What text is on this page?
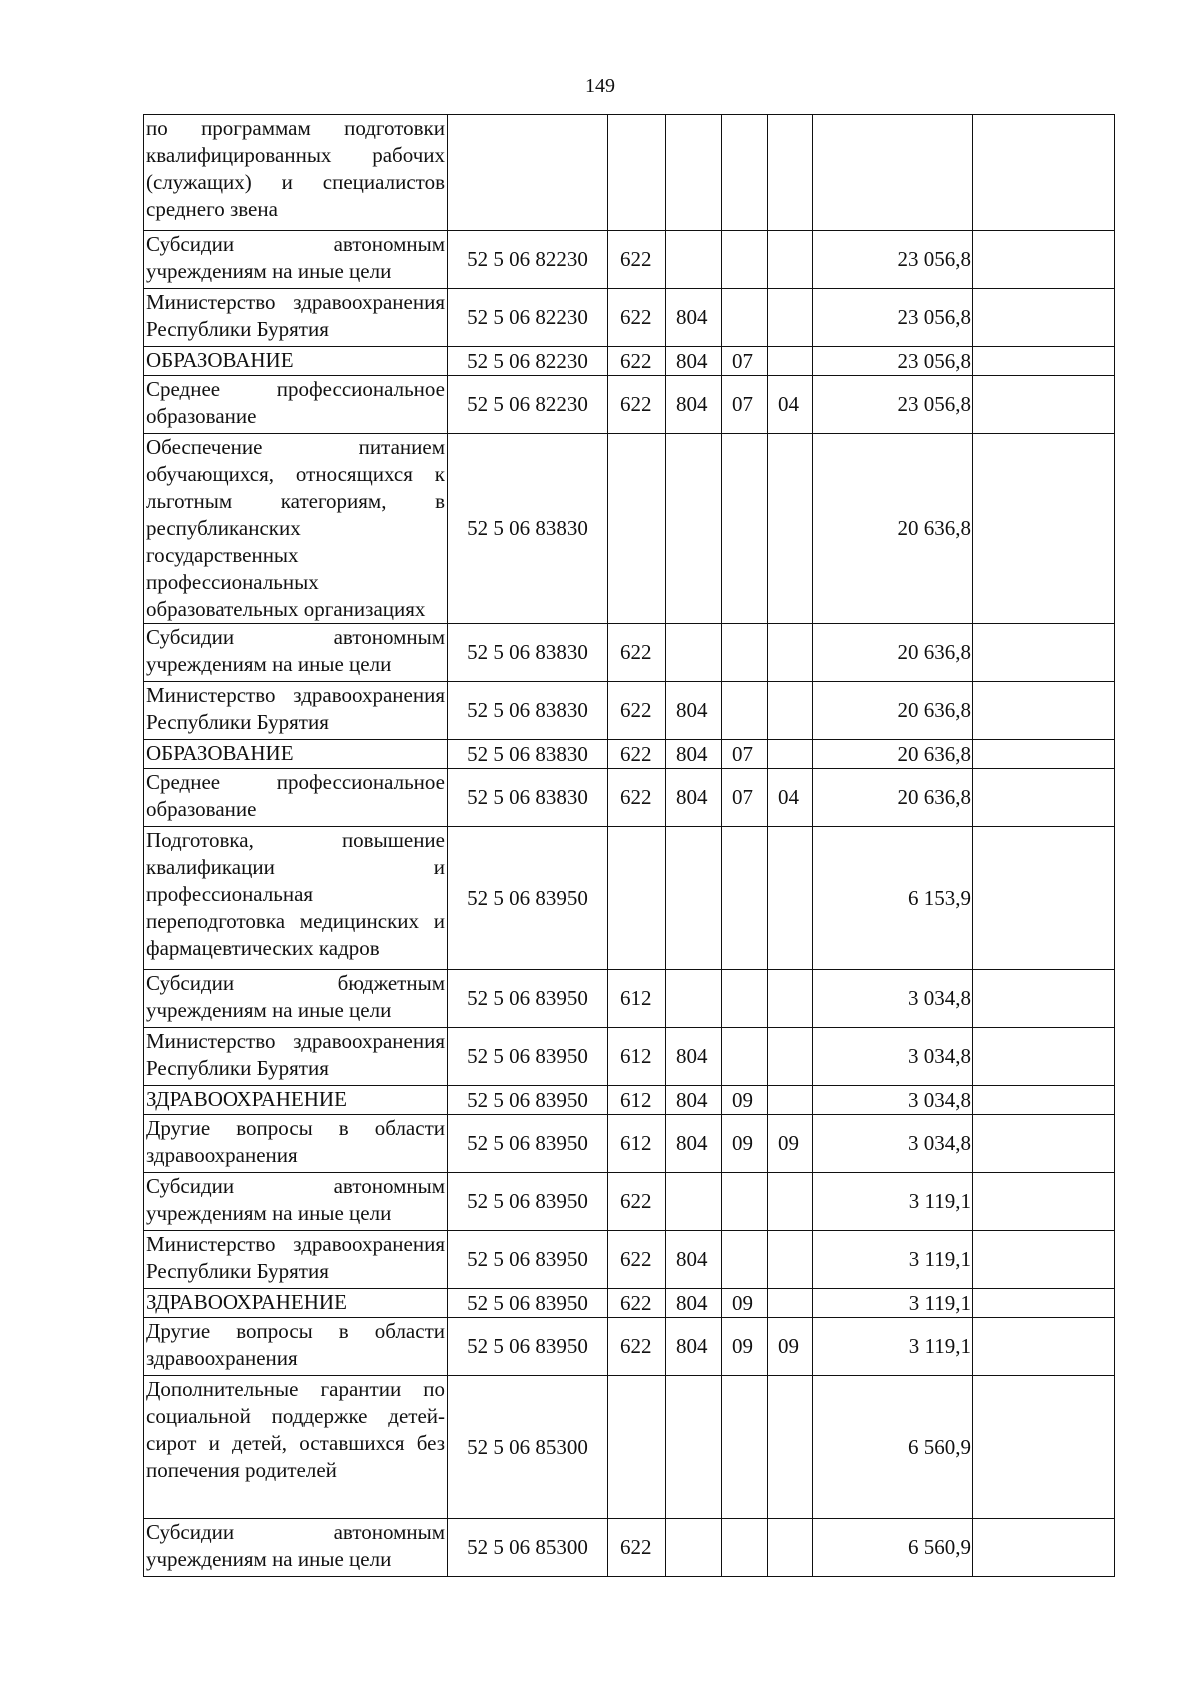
149
по программам подготовки квалифицированных рабочих (служащих) и специалистов среднего звена							
Субсидии автономным учреждениям на иные цели	52 5 06 82230	622				23 056,8	
Министерство здравоохранения Республики Бурятия	52 5 06 82230	622	804			23 056,8	
ОБРАЗОВАНИЕ	52 5 06 82230	622	804	07		23 056,8	
Среднее профессиональное образование	52 5 06 82230	622	804	07	04	23 056,8	
Обеспечение питанием обучающихся, относящихся к льготным категориям, в республиканских государственных профессиональных образовательных организациях	52 5 06 83830					20 636,8	
Субсидии автономным учреждениям на иные цели	52 5 06 83830	622				20 636,8	
Министерство здравоохранения Республики Бурятия	52 5 06 83830	622	804			20 636,8	
ОБРАЗОВАНИЕ	52 5 06 83830	622	804	07		20 636,8	
Среднее профессиональное образование	52 5 06 83830	622	804	07	04	20 636,8	
Подготовка, повышение квалификации и профессиональная переподготовка медицинских и фармацевтических кадров	52 5 06 83950					6 153,9	
Субсидии бюджетным учреждениям на иные цели	52 5 06 83950	612				3 034,8	
Министерство здравоохранения Республики Бурятия	52 5 06 83950	612	804			3 034,8	
ЗДРАВООХРАНЕНИЕ	52 5 06 83950	612	804	09		3 034,8	
Другие вопросы в области здравоохранения	52 5 06 83950	612	804	09	09	3 034,8	
Субсидии автономным учреждениям на иные цели	52 5 06 83950	622				3 119,1	
Министерство здравоохранения Республики Бурятия	52 5 06 83950	622	804			3 119,1	
ЗДРАВООХРАНЕНИЕ	52 5 06 83950	622	804	09		3 119,1	
Другие вопросы в области здравоохранения	52 5 06 83950	622	804	09	09	3 119,1	
Дополнительные гарантии по социальной поддержке детей-сирот и детей, оставшихся без попечения родителей	52 5 06 85300					6 560,9	
Субсидии автономным учреждениям на иные цели	52 5 06 85300	622				6 560,9	
